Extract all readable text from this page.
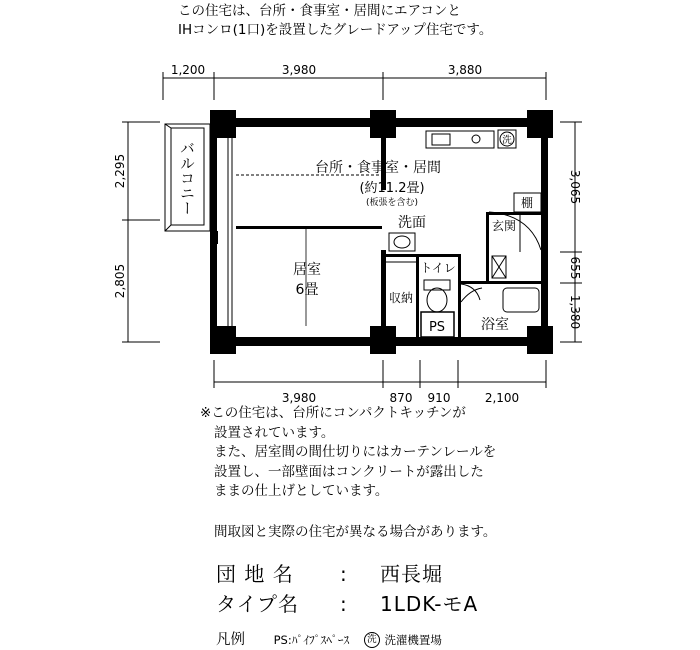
この住宅は、台所・食事室・居間にエアコンと
IHコンロ(1口)を設置したグレードアップ住宅です。
1,200	3,980	3,880
3,980	870 910	2,100
2,295
2,805
3,065
655
1,380
バルコニー	台所・食事室・居間
(約11.2畳)
(板張を含む)
洗面
居室
6畳
トイレ
収納
PS	浴室
玄関
棚
洗
※この住宅は、台所にコンパクトキッチンが
設置されています。
また、居室間の間仕切りにはカーテンレールを
設置し、一部壁面はコンクリートが露出した
ままの仕上げとしています。
間取図と実際の住宅が異なる場合があります。
団 地 名 : 西長堀
タイプ名 : 1LDK-モA
凡例 PS:ﾊﾟｲﾌﾟｽﾍﾟｰｽ 洗 洗濯機置場
